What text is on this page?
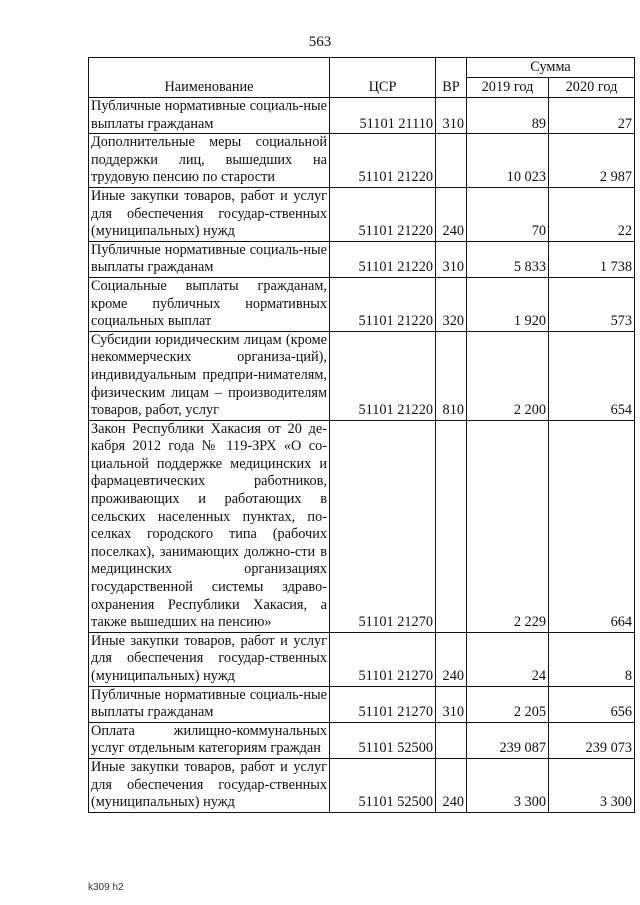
563
Наименование	ЦСР	ВР	Сумма	
			2019 год	2020 год
Публичные нормативные социаль-ные выплаты гражданам	51101 21110	310	89	27
Дополнительные меры социальной поддержки лиц, вышедших на трудовую пенсию по старости	51101 21220		10 023	2 987
Иные закупки товаров, работ и услуг для обеспечения государ-ственных (муниципальных) нужд	51101 21220	240	70	22
Публичные нормативные социаль-ные выплаты гражданам	51101 21220	310	5 833	1 738
Социальные выплаты гражданам, кроме публичных нормативных социальных выплат	51101 21220	320	1 920	573
Субсидии юридическим лицам (кроме некоммерческих организа-ций), индивидуальным предпри-нимателям, физическим лицам – производителям товаров, работ, услуг	51101 21220	810	2 200	654
Закон Республики Хакасия от 20 де-кабря 2012 года № 119-ЗРХ «О со-циальной поддержке медицинских и фармацевтических работников, проживающих и работающих в сельских населенных пунктах, по-селках городского типа (рабочих поселках), занимающих должно-сти в медицинских организациях государственной системы здраво-охранения Республики Хакасия, а также вышедших на пенсию»	51101 21270		2 229	664
Иные закупки товаров, работ и услуг для обеспечения государ-ственных (муниципальных) нужд	51101 21270	240	24	8
Публичные нормативные социаль-ные выплаты гражданам	51101 21270	310	2 205	656
Оплата жилищно-коммунальных услуг отдельным категориям граждан	51101 52500		239 087	239 073
Иные закупки товаров, работ и услуг для обеспечения государ-ственных (муниципальных) нужд	51101 52500	240	3 300	3 300
k309 h2
